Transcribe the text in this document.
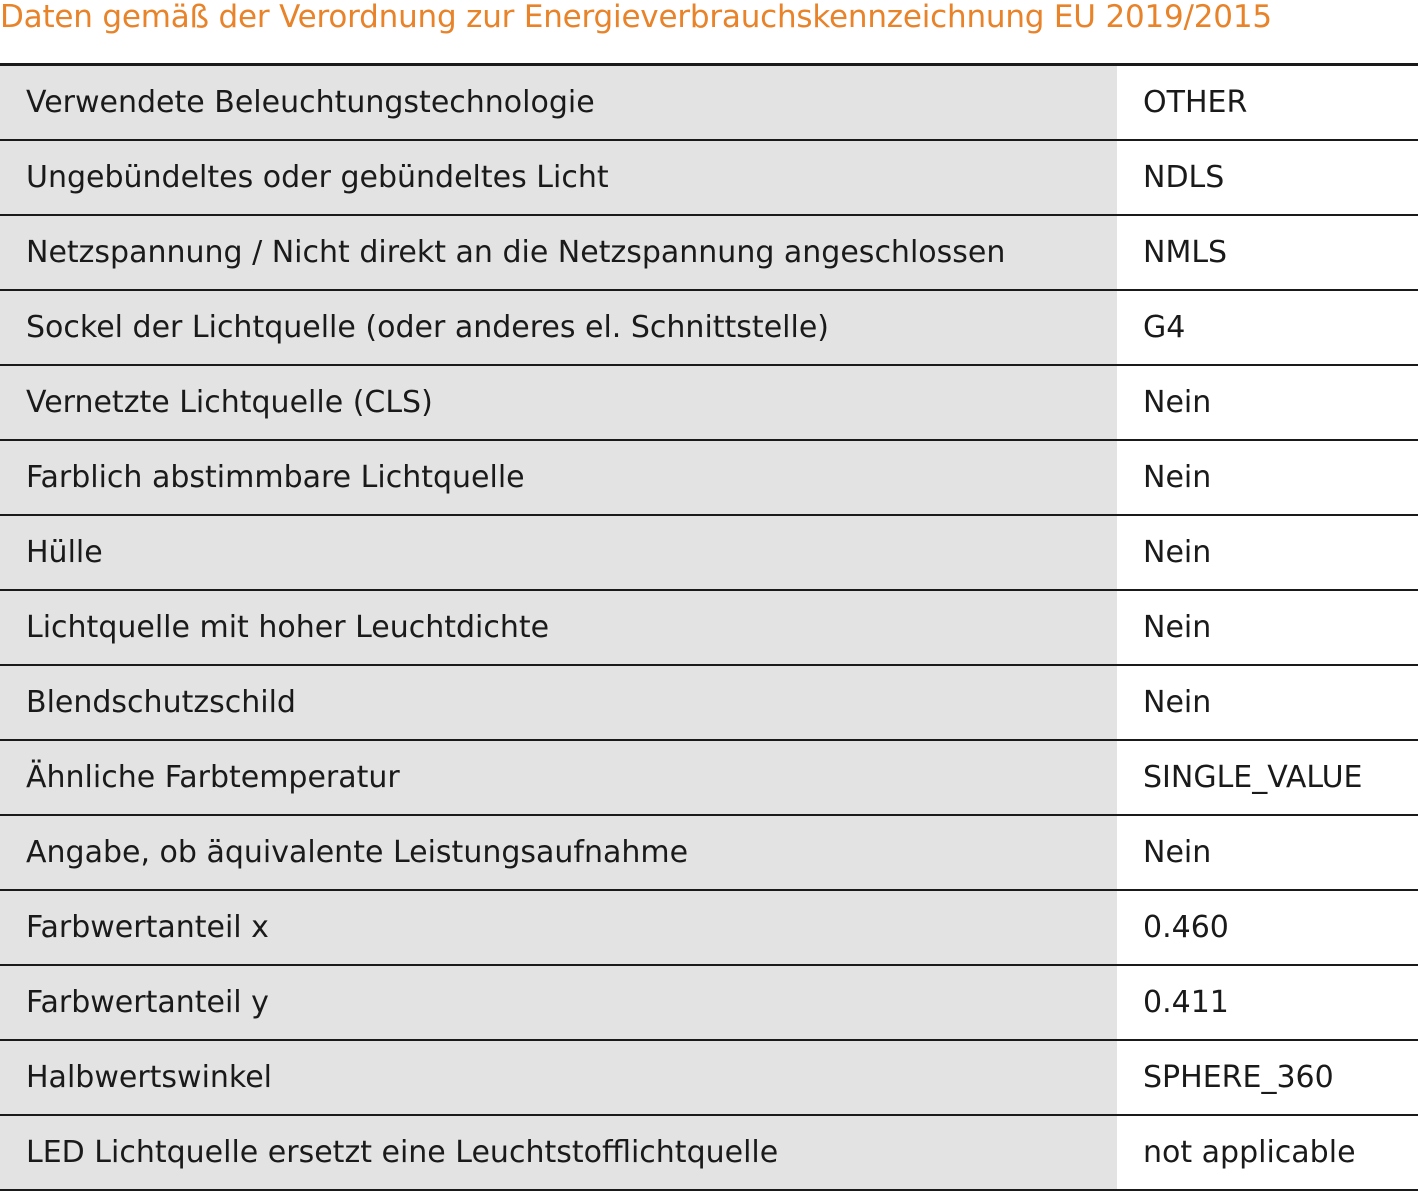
Daten gemäß der Verordnung zur Energieverbrauchskennzeichnung EU 2019/2015
Verwendete Beleuchtungstechnologie	OTHER
Ungebündeltes oder gebündeltes Licht	NDLS
Netzspannung / Nicht direkt an die Netzspannung angeschlossen	NMLS
Sockel der Lichtquelle (oder anderes el. Schnittstelle)	G4
Vernetzte Lichtquelle (CLS)	Nein
Farblich abstimmbare Lichtquelle	Nein
Hülle	Nein
Lichtquelle mit hoher Leuchtdichte	Nein
Blendschutzschild	Nein
Ähnliche Farbtemperatur	SINGLE_VALUE
Angabe, ob äquivalente Leistungsaufnahme	Nein
Farbwertanteil x	0.460
Farbwertanteil y	0.411
Halbwertswinkel	SPHERE_360
LED Lichtquelle ersetzt eine Leuchtstofflichtquelle	not applicable
